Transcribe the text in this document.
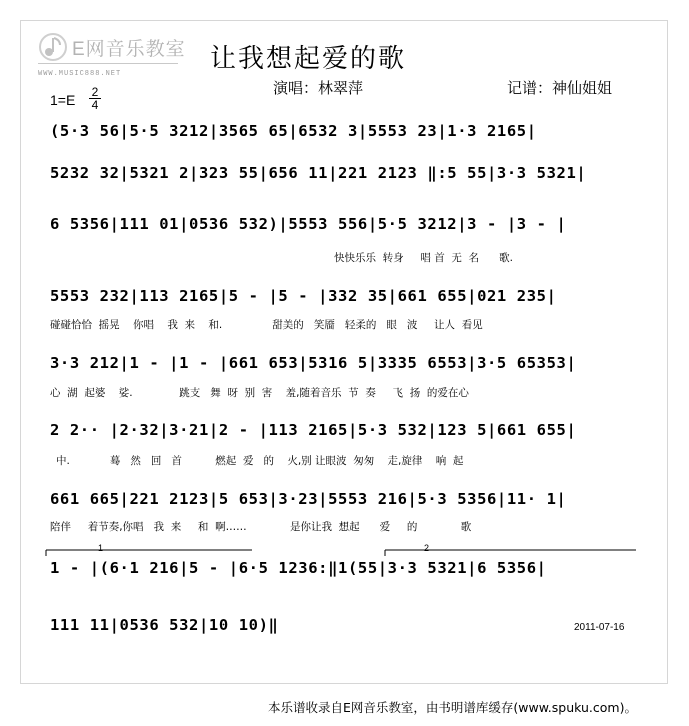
E网音乐教室
WWW.MUSIC888.NET	让我想起爱的歌
演唱：林翠萍	记谱：神仙姐姐
1=E 2
4
(5·3 56|5·5 3212|3565 65|6532 3|5553 23|1·3 2165|
5232 32|5321 2|323 55|656 11|221 2123 ‖:5 55|3·3 5321|
6 5356|111 01|0536 532)|5553 556|5·5 3212|3 - |3 - |
快快乐乐  转身     唱 首  无  名      歌.
5553 232|113 2165|5 - |5 - |332 35|661 655|021 235|
碰碰恰恰  摇晃    你唱    我  来    和.               甜美的   笑靥   轻柔的   眼   波     让人  看见
3·3 212|1 - |1 - |661 653|5316 5|3335 6553|3·5 65353|
心  湖  起婆    娑.              跳支   舞  呀  别  害    羞,随着音乐  节  奏     飞  扬  的爱在心
2 2·· |2·32|3·21|2 - |113 2165|5·3 532|123 5|661 655|
中.            蓦   然   回   首          燃起  爱   的    火,别 让眼波  匆匆    走,旋律    响  起
661 665|221 2123|5 653|3·23|5553 216|5·3 5356|11· 1|
陪伴     着节奏,你唱   我  来     和  啊……             是你让我  想起      爱     的             歌
1 - |(6·1 216|5 - |6·5 1236:‖1(55|3·3 5321|6 5356|
111 11|0536 532|10 10)‖
1	2
2011-07-16
本乐谱收录自E网音乐教室，由书明谱库缓存(www.spuku.com)。
